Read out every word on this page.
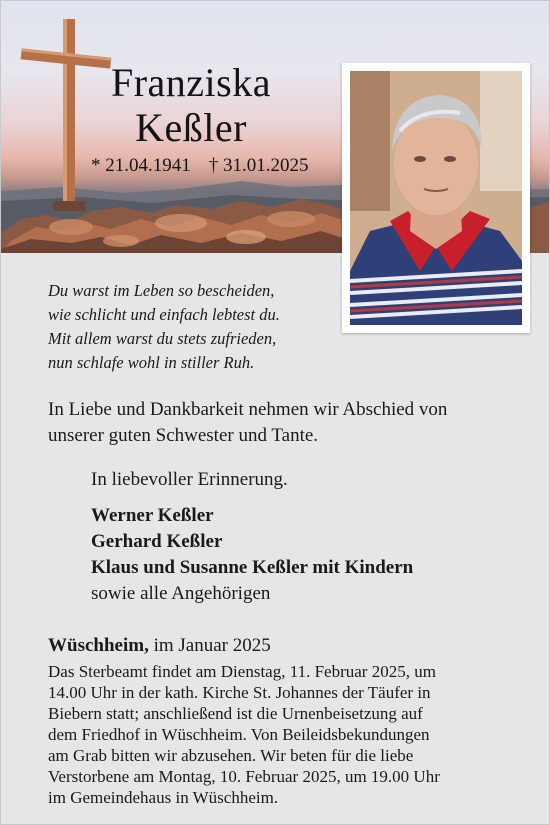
Franziska
Keßler
* 21.04.1941 † 31.01.2025
Du warst im Leben so bescheiden,
wie schlicht und einfach lebtest du.
Mit allem warst du stets zufrieden,
nun schlafe wohl in stiller Ruh.
In Liebe und Dankbarkeit nehmen wir Abschied von
unserer guten Schwester und Tante.
In liebevoller Erinnerung.
Werner Keßler
Gerhard Keßler
Klaus und Susanne Keßler mit Kindern
sowie alle Angehörigen
Wüschheim, im Januar 2025
Das Sterbeamt findet am Dienstag, 11. Februar 2025, um
14.00 Uhr in der kath. Kirche St. Johannes der Täufer in
Biebern statt; anschließend ist die Urnenbeisetzung auf
dem Friedhof in Wüschheim. Von Beileidsbekundungen
am Grab bitten wir abzusehen. Wir beten für die liebe
Verstorbene am Montag, 10. Februar 2025, um 19.00 Uhr
im Gemeindehaus in Wüschheim.
